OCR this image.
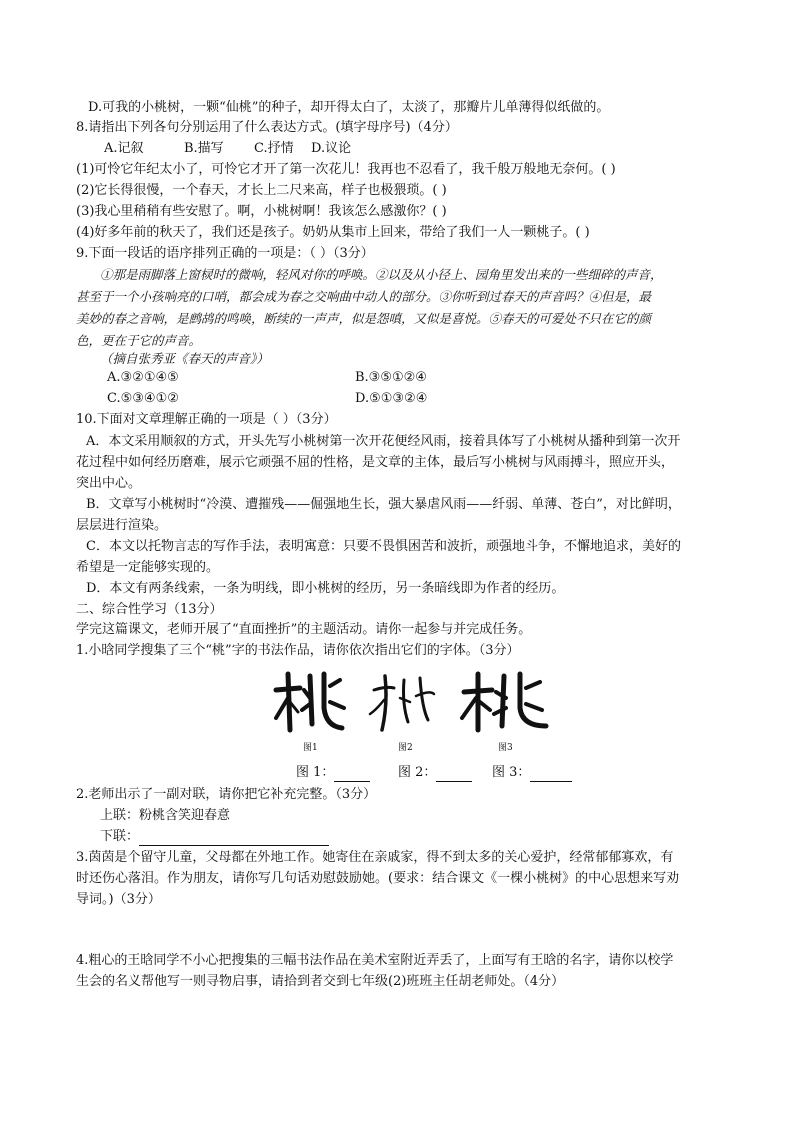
D.可我的小桃树，一颗“仙桃”的种子，却开得太白了，太淡了，那瓣片儿单薄得似纸做的。
8.请指出下列各句分别运用了什么表达方式。(填字母序号)（4分）
A.记叙	B.描写 C.抒情 D.议论
(1)可怜它年纪太小了，可怜它才开了第一次花儿！我再也不忍看了，我千般万般地无奈何。( )
(2)它长得很慢，一个春天，才长上二尺来高，样子也极猥琐。( )
(3)我心里稍稍有些安慰了。啊，小桃树啊！我该怎么感激你？( )
(4)好多年前的秋天了，我们还是孩子。奶奶从集市上回来，带给了我们一人一颗桃子。( )
9.下面一段话的语序排列正确的一项是：（ ）（3分）
①那是雨脚落上窗棂时的微响，轻风对你的呼唤。②以及从小径上、园角里发出来的一些细碎的声音，
甚至于一个小孩响亮的口哨，都会成为春之交响曲中动人的部分。③你听到过春天的声音吗？④但是，最
美妙的春之音响，是鹧鸪的鸣唤，断续的一声声，似是怨嗔，又似是喜悦。⑤春天的可爱处不只在它的颜
色，更在于它的声音。
（摘自张秀亚《春天的声音》）
A.③②①④⑤	B.③⑤①②④
C.⑤③④①②	D.⑤①③②④
10.下面对文章理解正确的一项是（ ）（3分）
A．本文采用顺叙的方式，开头先写小桃树第一次开花便经风雨，接着具体写了小桃树从播种到第一次开
花过程中如何经历磨难，展示它顽强不屈的性格，是文章的主体，最后写小桃树与风雨搏斗，照应开头，
突出中心。
B．文章写小桃树时“冷漠、遭摧残——倔强地生长，强大暴虐风雨——纤弱、单薄、苍白”，对比鲜明，
层层进行渲染。
C．本文以托物言志的写作手法，表明寓意：只要不畏惧困苦和波折，顽强地斗争，不懈地追求，美好的
希望是一定能够实现的。
D．本文有两条线索，一条为明线，即小桃树的经历，另一条暗线即为作者的经历。
二、综合性学习（13分）
学完这篇课文，老师开展了“直面挫折”的主题活动。请你一起参与并完成任务。
1.小晗同学搜集了三个“桃”字的书法作品，请你依次指出它们的字体。（3分）
图1	图2	图3
图 1：	图 2：	图 3：
2.老师出示了一副对联，请你把它补充完整。（3分）
上联：粉桃含笑迎春意
下联：
3.茵茵是个留守儿童，父母都在外地工作。她寄住在亲戚家，得不到太多的关心爱护，经常郁郁寡欢，有
时还伤心落泪。作为朋友，请你写几句话劝慰鼓励她。(要求：结合课文《一棵小桃树》的中心思想来写劝
导词。)（3分）
4.粗心的王晗同学不小心把搜集的三幅书法作品在美术室附近弄丢了，上面写有王晗的名字，请你以校学
生会的名义帮他写一则寻物启事，请拾到者交到七年级(2)班班主任胡老师处。（4分）
